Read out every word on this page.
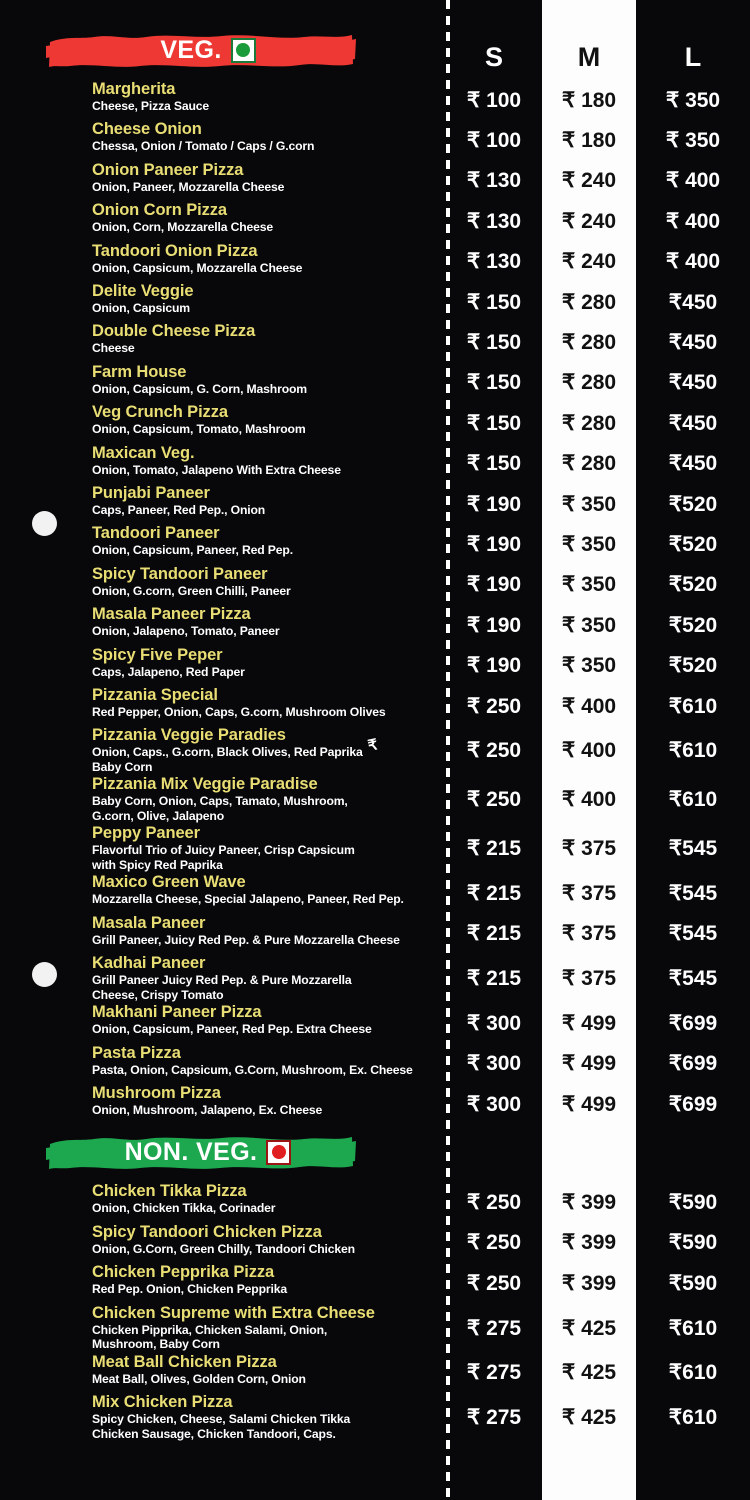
S	M	L
VEG.
Margherita
Cheese, Pizza Sauce	₹ 100 ₹ 180 ₹ 350
Cheese Onion
Chessa, Onion / Tomato / Caps / G.corn	₹ 100 ₹ 180 ₹ 350
Onion Paneer Pizza
Onion, Paneer, Mozzarella Cheese	₹ 130 ₹ 240 ₹ 400
Onion Corn Pizza
Onion, Corn, Mozzarella Cheese	₹ 130 ₹ 240 ₹ 400
Tandoori Onion Pizza
Onion, Capsicum, Mozzarella Cheese	₹ 130 ₹ 240 ₹ 400
Delite Veggie
Onion, Capsicum	₹ 150 ₹ 280	₹450
Double Cheese Pizza
Cheese	₹ 150 ₹ 280	₹450
Farm House
Onion, Capsicum, G. Corn, Mashroom	₹ 150 ₹ 280	₹450
Veg Crunch Pizza
Onion, Capsicum, Tomato, Mashroom	₹ 150 ₹ 280	₹450
Maxican Veg.
Onion, Tomato, Jalapeno With Extra Cheese	₹ 150 ₹ 280	₹450
Punjabi Paneer
Caps, Paneer, Red Pep., Onion	₹ 190 ₹ 350	₹520
Tandoori Paneer
Onion, Capsicum, Paneer, Red Pep.	₹ 190 ₹ 350	₹520
Spicy Tandoori Paneer
Onion, G.corn, Green Chilli, Paneer	₹ 190 ₹ 350	₹520
Masala Paneer Pizza
Onion, Jalapeno, Tomato, Paneer	₹ 190 ₹ 350	₹520
Spicy Five Peper
Caps, Jalapeno, Red Paper	₹ 190 ₹ 350	₹520
Pizzania Special
Red Pepper, Onion, Caps, G.corn, Mushroom Olives	₹ 250 ₹ 400	₹610
Pizzania Veggie Paradies
Onion, Caps., G.corn, Black Olives, Red Paprika
Baby Corn
₹ 250 ₹ 400	₹610
Pizzania Mix Veggie Paradise
Baby Corn, Onion, Caps, Tamato, Mushroom,
G.corn, Olive, Jalapeno
₹ 250 ₹ 400	₹610
Peppy Paneer
Flavorful Trio of Juicy Paneer, Crisp Capsicum
with Spicy Red Paprika
₹ 215 ₹ 375	₹545
Maxico Green Wave
Mozzarella Cheese, Special Jalapeno, Paneer, Red Pep.	₹ 215 ₹ 375	₹545
Masala Paneer
Grill Paneer, Juicy Red Pep. & Pure Mozzarella Cheese	₹ 215 ₹ 375	₹545
Kadhai Paneer
Grill Paneer Juicy Red Pep. & Pure Mozzarella
Cheese, Crispy Tomato
₹ 215 ₹ 375	₹545
Makhani Paneer Pizza
Onion, Capsicum, Paneer, Red Pep. Extra Cheese	₹ 300 ₹ 499	₹699
Pasta Pizza
Pasta, Onion, Capsicum, G.Corn, Mushroom, Ex. Cheese	₹ 300 ₹ 499	₹699
Mushroom Pizza
Onion, Mushroom, Jalapeno, Ex. Cheese	₹ 300 ₹ 499	₹699
NON. VEG.
Chicken Tikka Pizza
Onion, Chicken Tikka, Corinader	₹ 250 ₹ 399	₹590
Spicy Tandoori Chicken Pizza
Onion, G.Corn, Green Chilly, Tandoori Chicken	₹ 250 ₹ 399	₹590
Chicken Pepprika Pizza
Red Pep. Onion, Chicken Pepprika	₹ 250 ₹ 399	₹590
Chicken Supreme with Extra Cheese
Chicken Pipprika, Chicken Salami, Onion,
Mushroom, Baby Corn
₹ 275 ₹ 425	₹610
Meat Ball Chicken Pizza
Meat Ball, Olives, Golden Corn, Onion	₹ 275 ₹ 425	₹610
Mix Chicken Pizza
Spicy Chicken, Cheese, Salami Chicken Tikka
Chicken Sausage, Chicken Tandoori, Caps.
₹ 275 ₹ 425	₹610
₹
